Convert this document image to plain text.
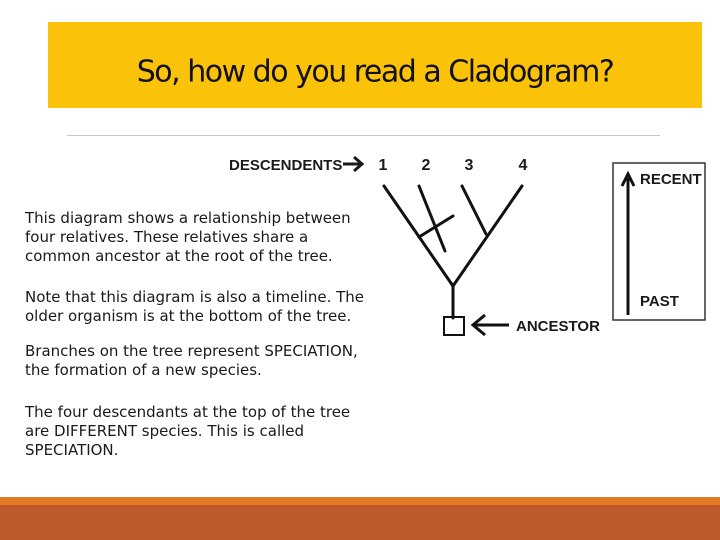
So, how do you read a Cladogram?
This diagram shows a relationship between
four relatives. These relatives share a
common ancestor at the root of the tree.
Note that this diagram is also a timeline. The
older organism is at the bottom of the tree.
Branches on the tree represent SPECIATION,
the formation of a new species.
The four descendants at the top of the tree
are DIFFERENT species. This is called
SPECIATION.
DESCENDENTS 1 2 3	4
ANCESTOR
RECENT
PAST
